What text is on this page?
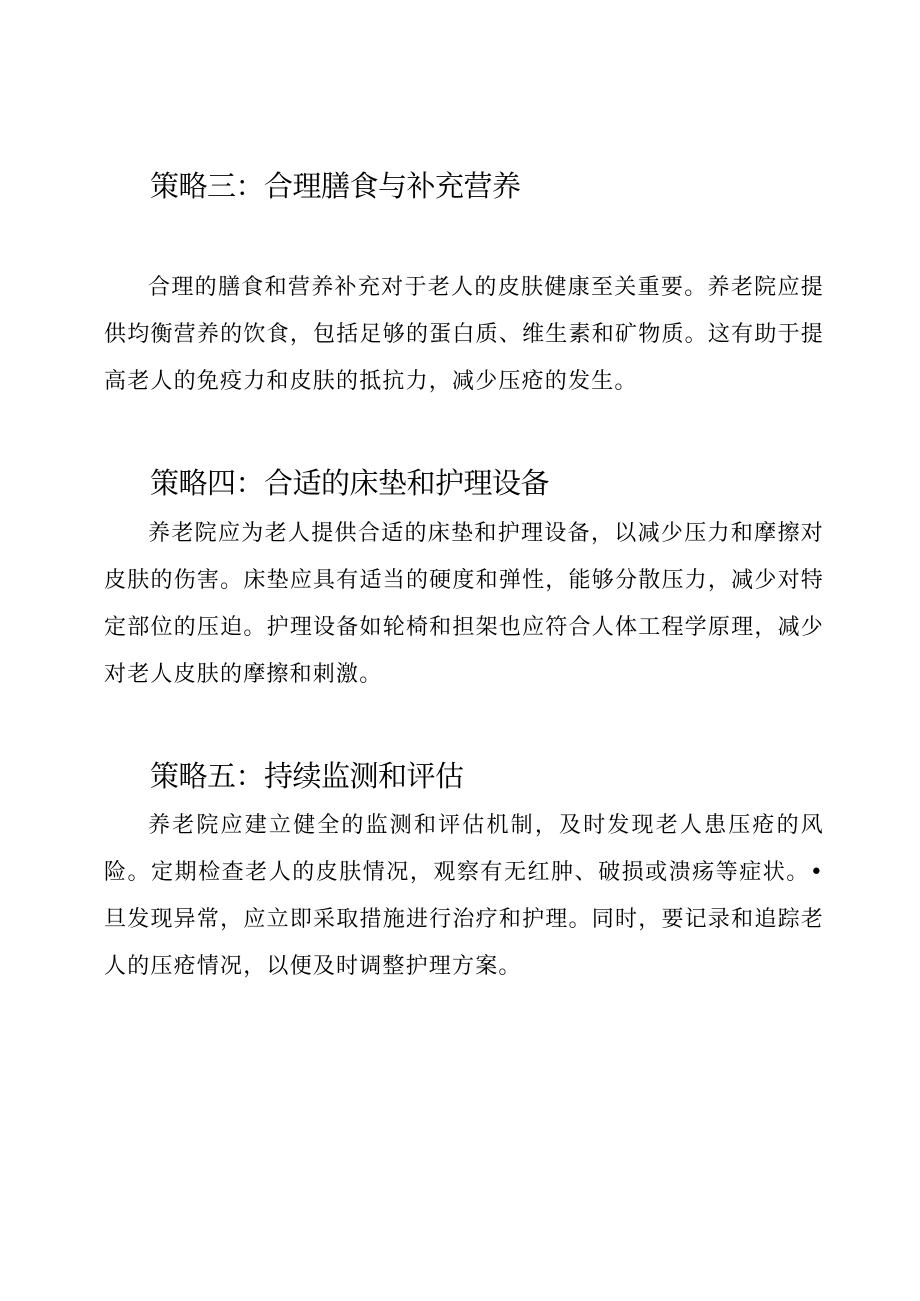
策略三：合理膳食与补充营养

合理的膳食和营养补充对于老人的皮肤健康至关重要。养老院应提供均衡营养的饮食，包括足够的蛋白质、维生素和矿物质。这有助于提高老人的免疫力和皮肤的抵抗力，减少压疮的发生。

策略四：合适的床垫和护理设备

养老院应为老人提供合适的床垫和护理设备，以减少压力和摩擦对皮肤的伤害。床垫应具有适当的硬度和弹性，能够分散压力，减少对特定部位的压迫。护理设备如轮椅和担架也应符合人体工程学原理，减少对老人皮肤的摩擦和刺激。

策略五：持续监测和评估

养老院应建立健全的监测和评估机制，及时发现老人患压疮的风险。定期检查老人的皮肤情况，观察有无红肿、破损或溃疡等症状。•旦发现异常，应立即采取措施进行治疗和护理。同时，要记录和追踪老人的压疮情况，以便及时调整护理方案。
